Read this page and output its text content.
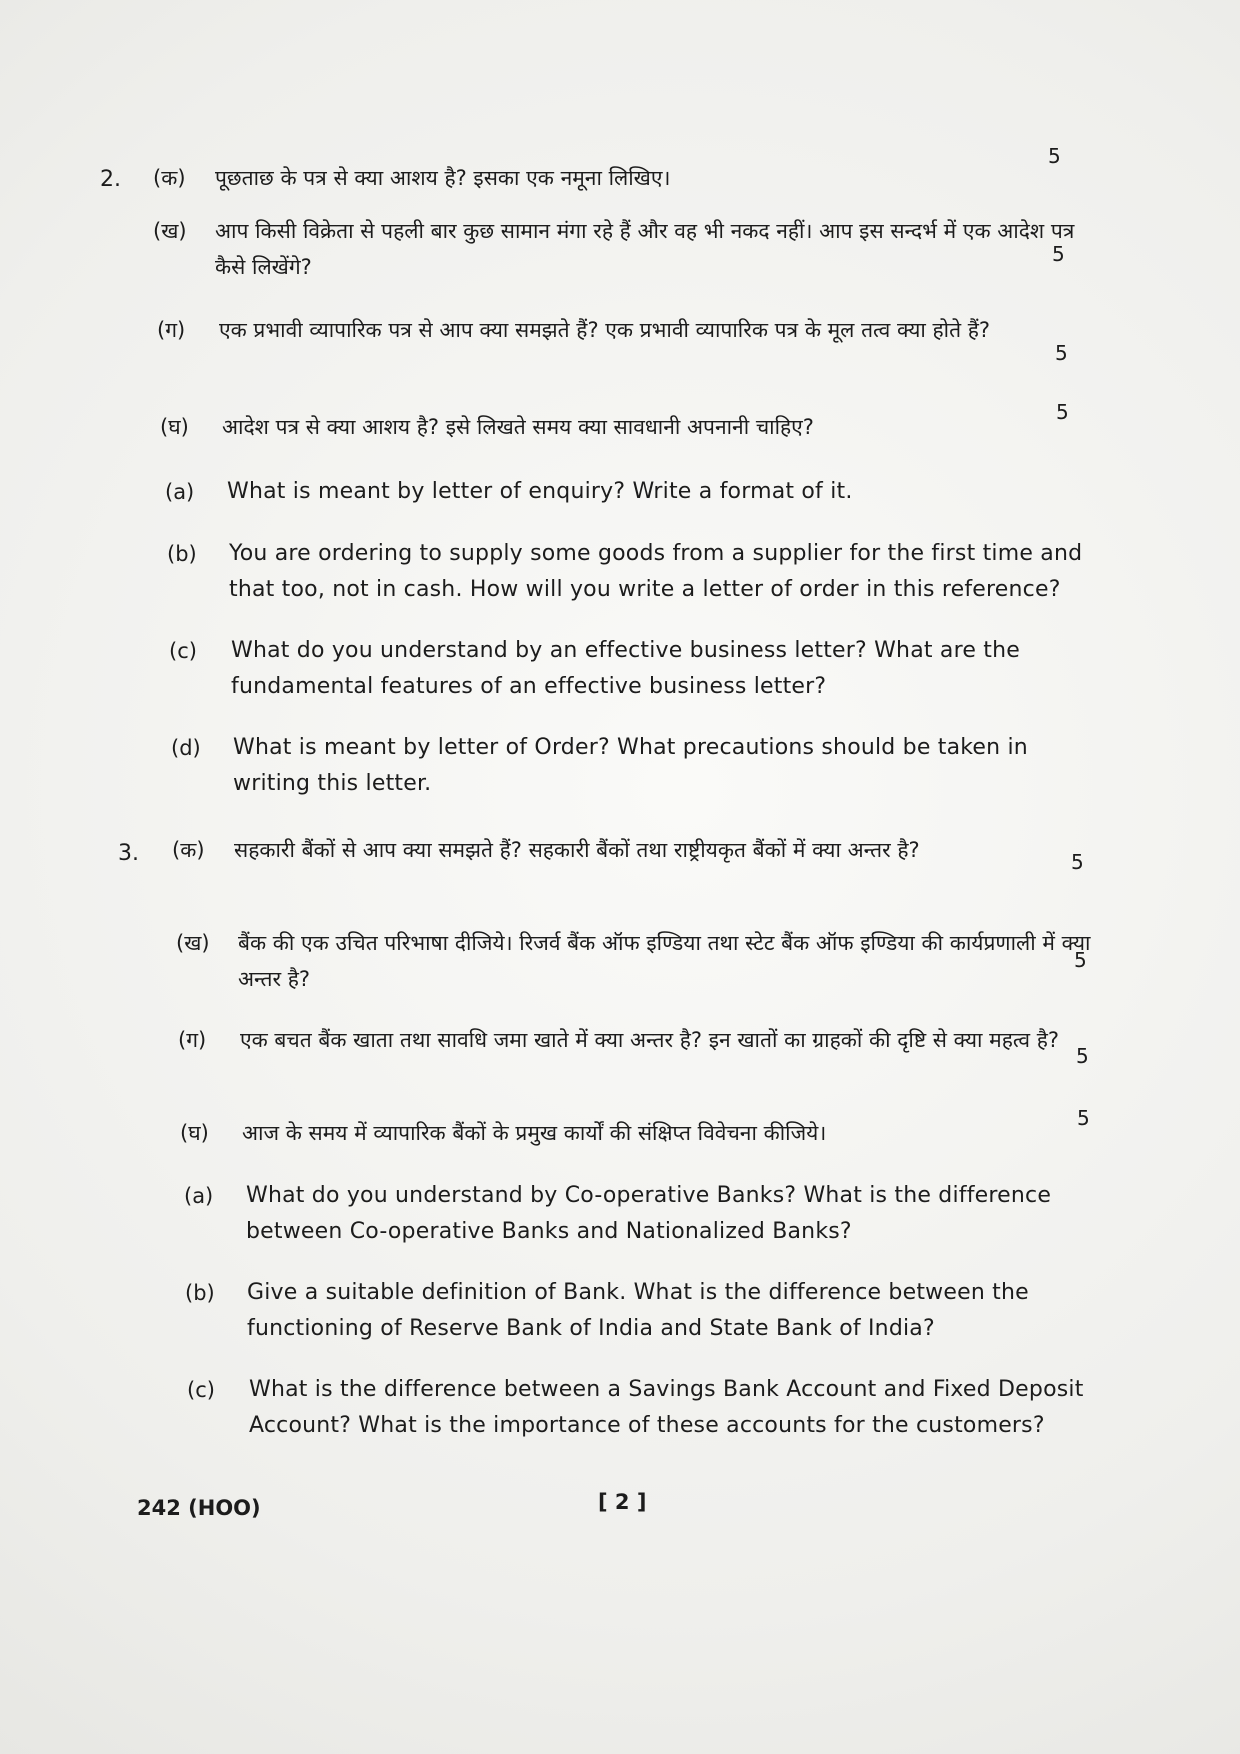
2. (क)	पूछताछ के पत्र से क्या आशय है? इसका एक नमूना लिखिए।
5
(ख)	आप किसी विक्रेता से पहली बार कुछ सामान मंगा रहे हैं और वह भी नकद नहीं। आप इस सन्दर्भ में एक आदेश पत्र कैसे लिखेंगे?
5
(ग)	एक प्रभावी व्यापारिक पत्र से आप क्या समझते हैं? एक प्रभावी व्यापारिक पत्र के मूल तत्व क्या होते हैं?
5
(घ)	आदेश पत्र से क्या आशय है? इसे लिखते समय क्या सावधानी अपनानी चाहिए?
5
(a)	What is meant by letter of enquiry? Write a format of it.
(b)	You are ordering to supply some goods from a supplier for the first time and that too, not in cash. How will you write a letter of order in this reference?
(c)	What do you understand by an effective business letter? What are the fundamental features of an effective business letter?
(d)	What is meant by letter of Order? What precautions should be taken in writing this letter.
3. (क)	सहकारी बैंकों से आप क्या समझते हैं? सहकारी बैंकों तथा राष्ट्रीयकृत बैंकों में क्या अन्तर है?	5
(ख)	बैंक की एक उचित परिभाषा दीजिये। रिजर्व बैंक ऑफ इण्डिया तथा स्टेट बैंक ऑफ इण्डिया की कार्यप्रणाली में क्या अन्तर है?
5
(ग)	एक बचत बैंक खाता तथा सावधि जमा खाते में क्या अन्तर है? इन खातों का ग्राहकों की दृष्टि से क्या महत्व है?
5
(घ)	आज के समय में व्यापारिक बैंकों के प्रमुख कार्यों की संक्षिप्त विवेचना कीजिये।
5
(a)	What do you understand by Co-operative Banks? What is the difference between Co-operative Banks and Nationalized Banks?
(b)	Give a suitable definition of Bank. What is the difference between the functioning of Reserve Bank of India and State Bank of India?
(c)	What is the difference between a Savings Bank Account and Fixed Deposit Account? What is the importance of these accounts for the customers?
242 (HOO)	[ 2 ]
